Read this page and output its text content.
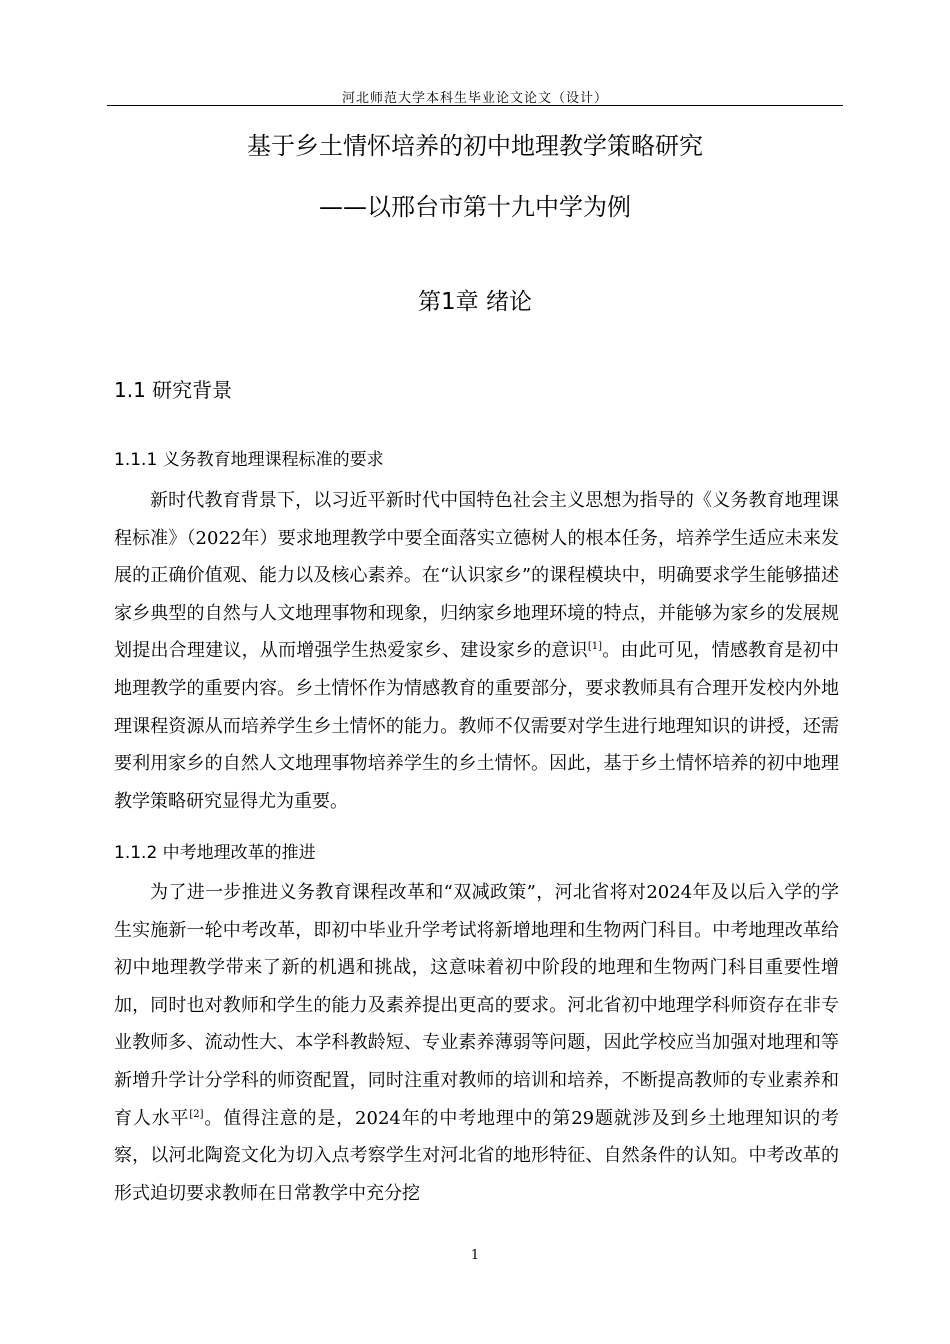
河北师范大学本科生毕业论文论文（设计）
基于乡土情怀培养的初中地理教学策略研究
——以邢台市第十九中学为例
第1章 绪论
1.1 研究背景
1.1.1 义务教育地理课程标准的要求

新时代教育背景下，以习近平新时代中国特色社会主义思想为指导的《义务教育地理课程标准》（2022年）要求地理教学中要全面落实立德树人的根本任务，培养学生适应未来发展的正确价值观、能力以及核心素养。在“认识家乡”的课程模块中，明确要求学生能够描述家乡典型的自然与人文地理事物和现象，归纳家乡地理环境的特点，并能够为家乡的发展规划提出合理建议，从而增强学生热爱家乡、建设家乡的意识[1]。由此可见，情感教育是初中地理教学的重要内容。乡土情怀作为情感教育的重要部分，要求教师具有合理开发校内外地理课程资源从而培养学生乡土情怀的能力。教师不仅需要对学生进行地理知识的讲授，还需要利用家乡的自然人文地理事物培养学生的乡土情怀。因此，基于乡土情怀培养的初中地理教学策略研究显得尤为重要。

1.1.2 中考地理改革的推进

为了进一步推进义务教育课程改革和“双减政策”，河北省将对2024年及以后入学的学生实施新一轮中考改革，即初中毕业升学考试将新增地理和生物两门科目。中考地理改革给初中地理教学带来了新的机遇和挑战，这意味着初中阶段的地理和生物两门科目重要性增加，同时也对教师和学生的能力及素养提出更高的要求。河北省初中地理学科师资存在非专业教师多、流动性大、本学科教龄短、专业素养薄弱等问题，因此学校应当加强对地理和等新增升学计分学科的师资配置，同时注重对教师的培训和培养，不断提高教师的专业素养和育人水平[2]。值得注意的是，2024年的中考地理中的第29题就涉及到乡土地理知识的考察，以河北陶瓷文化为切入点考察学生对河北省的地形特征、自然条件的认知。中考改革的形式迫切要求教师在日常教学中充分挖

1
